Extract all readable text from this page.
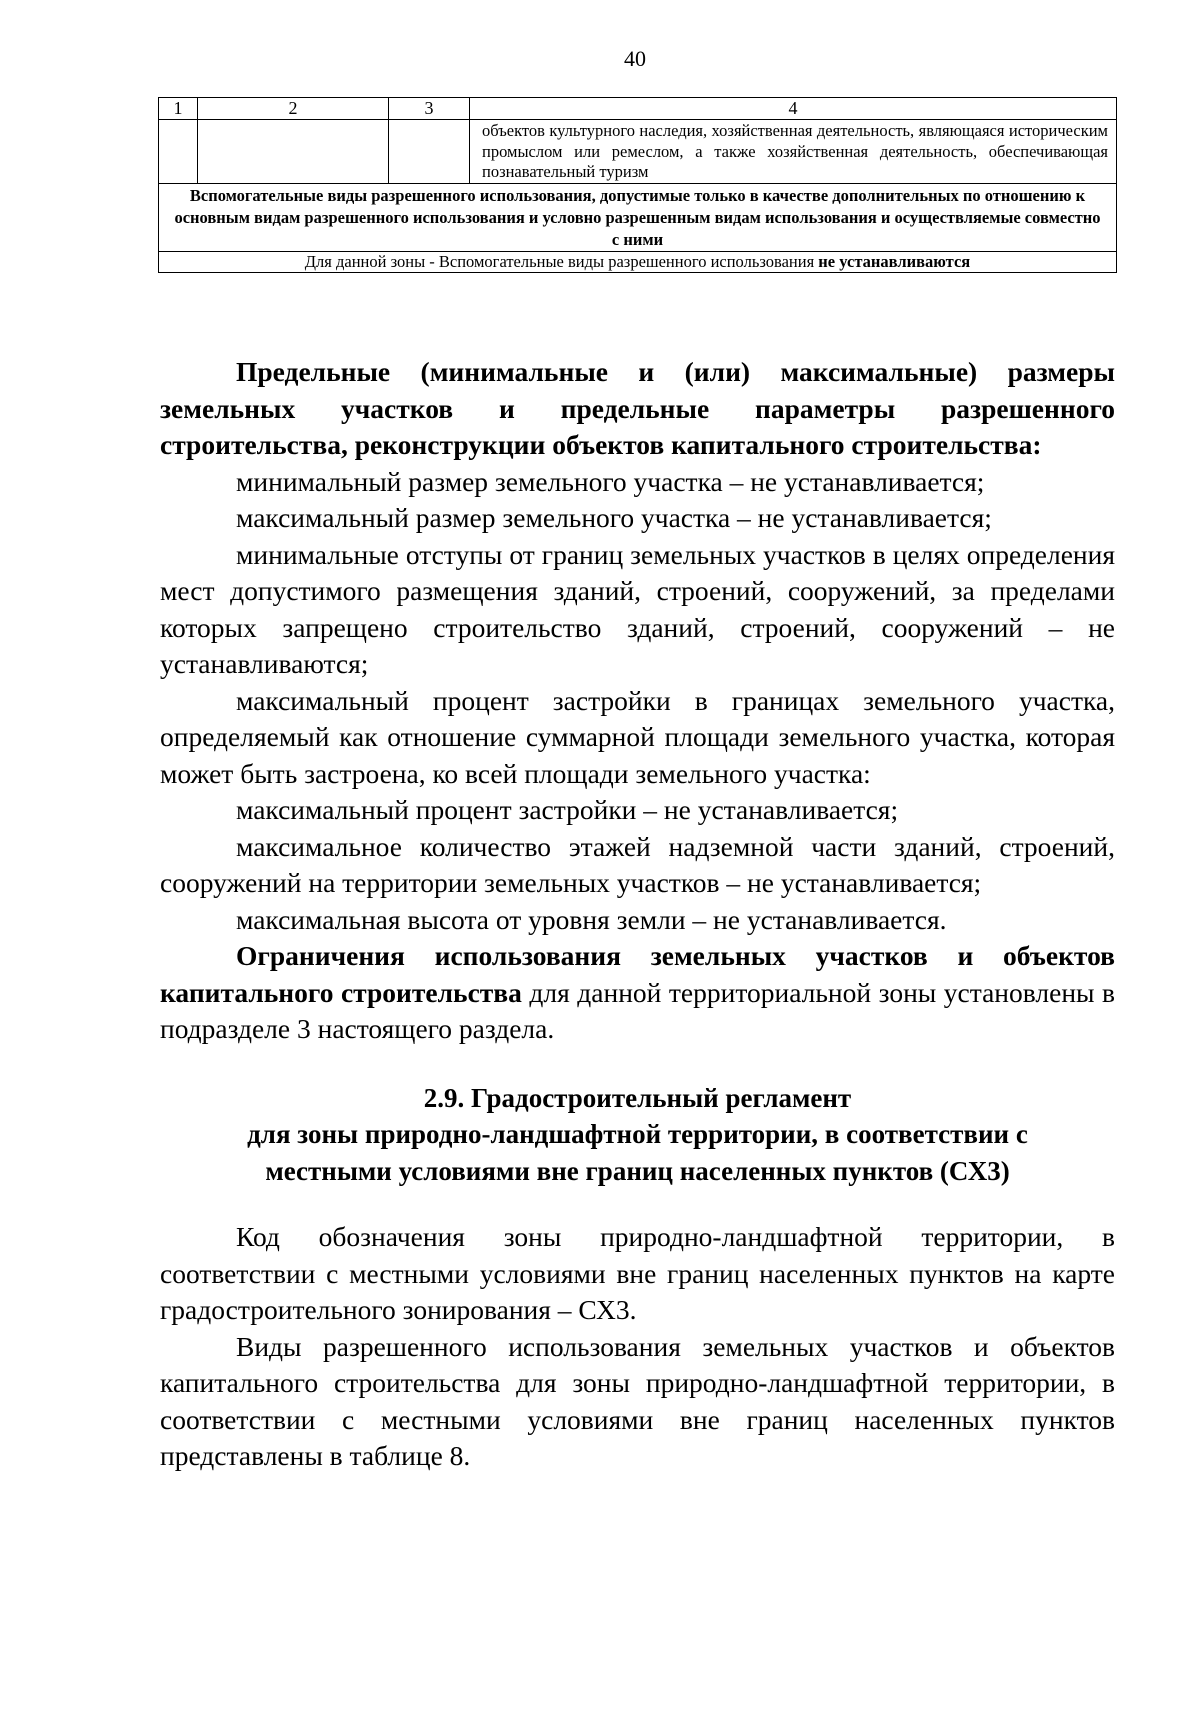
40
1	2	3	4
			объектов культурного наследия, хозяйственная деятельность, являющаяся историческим промыслом или ремеслом, а также хозяйственная деятельность, обеспечивающая познавательный туризм
Вспомогательные виды разрешенного использования, допустимые только в качестве дополнительных по отношению к основным видам разрешенного использования и условно разрешенным видам использования и осуществляемые совместно с ними			
Для данной зоны - Вспомогательные виды разрешенного использования не устанавливаются			

Предельные (минимальные и (или) максимальные) размеры земельных участков и предельные параметры разрешенного строительства, реконструкции объектов капитального строительства:

минимальный размер земельного участка – не устанавливается;

максимальный размер земельного участка – не устанавливается;

минимальные отступы от границ земельных участков в целях определения мест допустимого размещения зданий, строений, сооружений, за пределами которых запрещено строительство зданий, строений, сооружений – не устанавливаются;

максимальный процент застройки в границах земельного участка, определяемый как отношение суммарной площади земельного участка, которая может быть застроена, ко всей площади земельного участка:

максимальный процент застройки – не устанавливается;

максимальное количество этажей надземной части зданий, строений, сооружений на территории земельных участков – не устанавливается;

максимальная высота от уровня земли – не устанавливается.

Ограничения использования земельных участков и объектов капитального строительства для данной территориальной зоны установлены в подразделе 3 настоящего раздела.

2.9. Градостроительный регламент

для зоны природно-ландшафтной территории, в соответствии с

местными условиями вне границ населенных пунктов (СХ3)

Код обозначения зоны природно-ландшафтной территории, в соответствии с местными условиями вне границ населенных пунктов на карте градостроительного зонирования – СХ3.

Виды разрешенного использования земельных участков и объектов капитального строительства для зоны природно-ландшафтной территории, в соответствии с местными условиями вне границ населенных пунктов представлены в таблице 8.
